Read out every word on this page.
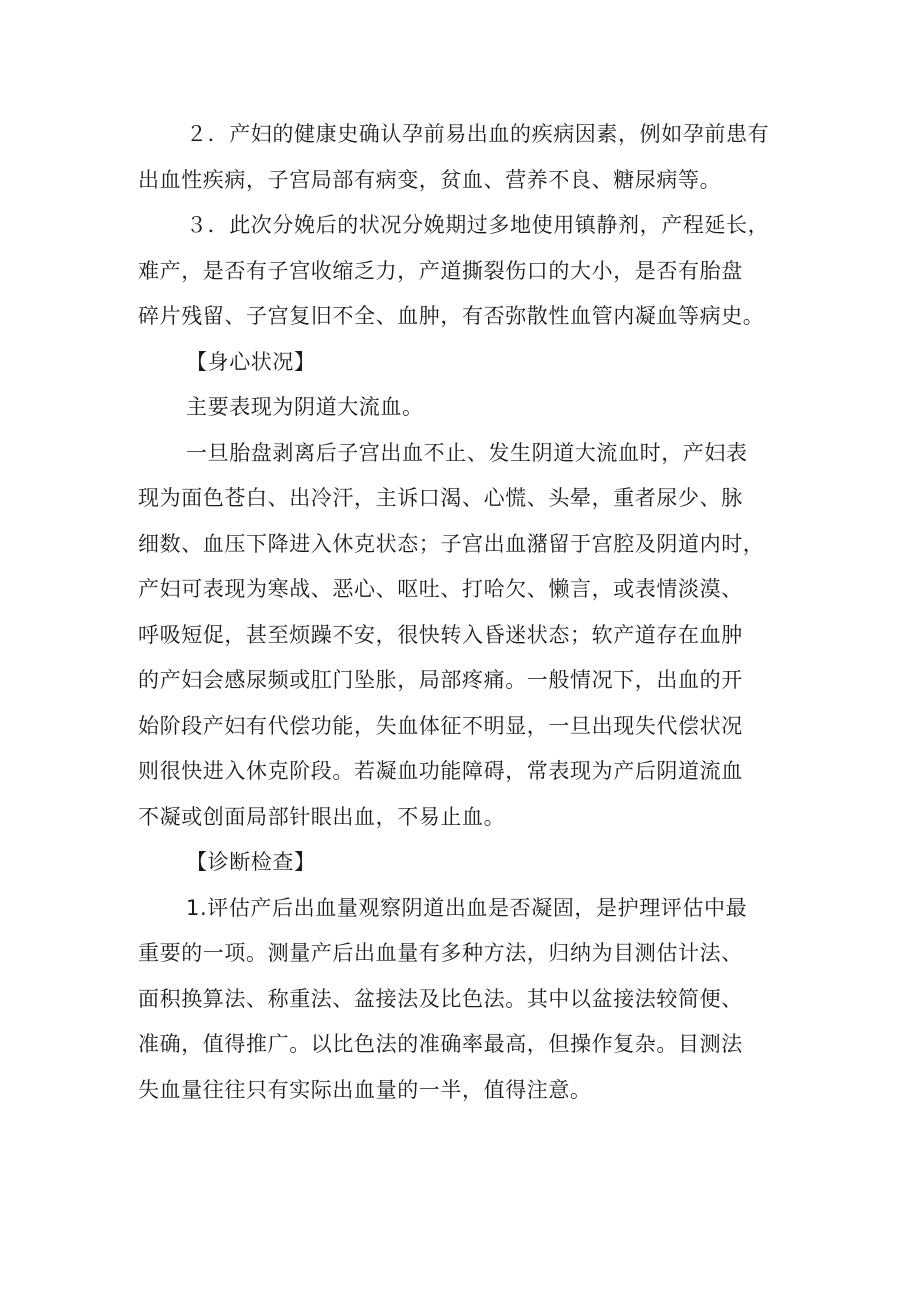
２．产妇的健康史确认孕前易出血的疾病因素，例如孕前患有
出血性疾病，子宫局部有病变，贫血、营养不良、糖尿病等。

３．此次分娩后的状况分娩期过多地使用镇静剂，产程延长，
难产，是否有子宫收缩乏力，产道撕裂伤口的大小，是否有胎盘
碎片残留、子宫复旧不全、血肿，有否弥散性血管内凝血等病史。

【身心状况】

主要表现为阴道大流血。

一旦胎盘剥离后子宫出血不止、发生阴道大流血时，产妇表
现为面色苍白、出冷汗，主诉口渴、心慌、头晕，重者尿少、脉
细数、血压下降进入休克状态；子宫出血潴留于宫腔及阴道内时，
产妇可表现为寒战、恶心、呕吐、打哈欠、懒言，或表情淡漠、
呼吸短促，甚至烦躁不安，很快转入昏迷状态；软产道存在血肿
的产妇会感尿频或肛门坠胀，局部疼痛。一般情况下，出血的开
始阶段产妇有代偿功能，失血体征不明显，一旦出现失代偿状况
则很快进入休克阶段。若凝血功能障碍，常表现为产后阴道流血
不凝或创面局部针眼出血，不易止血。

【诊断检查】

1.评估产后出血量观察阴道出血是否凝固，是护理评估中最
重要的一项。测量产后出血量有多种方法，归纳为目测估计法、
面积换算法、称重法、盆接法及比色法。其中以盆接法较简便、
准确，值得推广。以比色法的准确率最高，但操作复杂。目测法
失血量往往只有实际出血量的一半，值得注意。
